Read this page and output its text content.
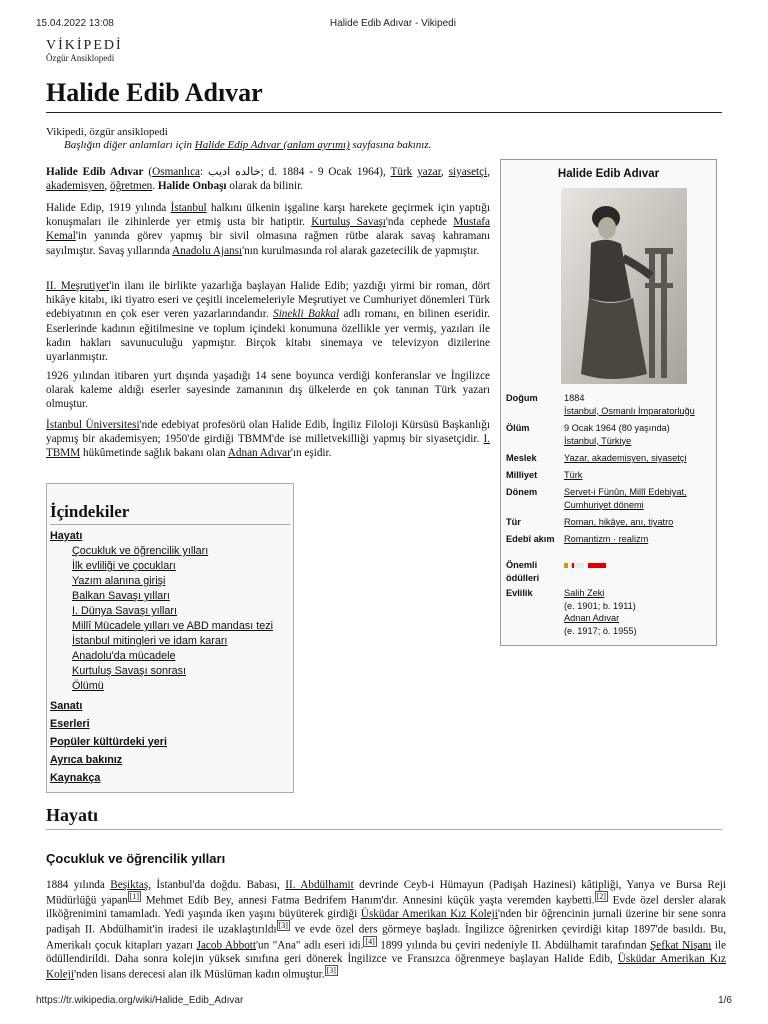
15.04.2022 13:08	Halide Edib Adıvar - Vikipedi
VİKİPEDİ
Özgür Ansiklopedi
Halide Edib Adıvar
Vikipedi, özgür ansiklopedi
Başlığın diğer anlamları için Halide Edip Adıvar (anlam ayrımı) sayfasına bakınız.
Halide Edib Adıvar (Osmanlıca: خالده اديب; d. 1884 - 9 Ocak 1964), Türk yazar, siyasetçi, akademisyen, öğretmen. Halide Onbaşı olarak da bilinir.
Halide Edip, 1919 yılında İstanbul halkını ülkenin işgaline karşı harekete geçirmek için yaptığı konuşmaları ile zihinlerde yer etmiş usta bir hatiptir. Kurtuluş Savaşı'nda cephede Mustafa Kemal'in yanında görev yapmış bir sivil olmasına rağmen rütbe alarak savaş kahramanı sayılmıştır. Savaş yıllarında Anadolu Ajansı'nın kurulmasında rol alarak gazetecilik de yapmıştır.
II. Meşrutiyet'in ilanı ile birlikte yazarlığa başlayan Halide Edib; yazdığı yirmi bir roman, dört hikâye kitabı, iki tiyatro eseri ve çeşitli incelemeleriyle Meşrutiyet ve Cumhuriyet dönemleri Türk edebiyatının en çok eser veren yazarlarındandır. Sinekli Bakkal adlı romanı, en bilinen eseridir. Eserlerinde kadının eğitilmesine ve toplum içindeki konumuna özellikle yer vermiş, yazıları ile kadın hakları savunuculuğu yapmıştır. Birçok kitabı sinemaya ve televizyon dizilerine uyarlanmıştır.
1926 yılından itibaren yurt dışında yaşadığı 14 sene boyunca verdiği konferanslar ve İngilizce olarak kaleme aldığı eserler sayesinde zamanının dış ülkelerde en çok tanınan Türk yazarı olmuştur.
İstanbul Üniversitesi'nde edebiyat profesörü olan Halide Edib, İngiliz Filoloji Kürsüsü Başkanlığı yapmış bir akademisyen; 1950'de girdiği TBMM'de ise milletvekilliği yapmış bir siyasetçidir. I. TBMM hükûmetinde sağlık bakanı olan Adnan Adıvar'ın eşidir.
Halide Edib Adıvar
Doğum	1884
İstanbul, Osmanlı İmparatorluğu
Ölüm	9 Ocak 1964 (80 yaşında)
İstanbul, Türkiye
Meslek	Yazar, akademisyen, siyasetçi
Milliyet	Türk
Dönem	Servet-i Fünûn, Millî Edebiyat,
Cumhuriyet dönemi
Tür	Roman, hikâye, anı, tiyatro
Edebî akım	Romantizm · realizm
Önemli ödülleri
Evlilik	Salih Zeki
(e. 1901; b. 1911)
Adnan Adıvar
(e. 1917; ö. 1955)
İçindekiler
Hayatı
Çocukluk ve öğrencilik yılları
İlk evliliği ve çocukları
Yazım alanına girişi
Balkan Savaşı yılları
I. Dünya Savaşı yılları
Millî Mücadele yılları ve ABD mandası tezi
İstanbul mitingleri ve idam kararı
Anadolu'da mücadele
Kurtuluş Savaşı sonrası
Ölümü
Sanatı
Eserleri
Popüler kültürdeki yeri
Ayrıca bakınız
Kaynakça
Hayatı
Çocukluk ve öğrencilik yılları
1884 yılında Beşiktaş, İstanbul'da doğdu. Babası, II. Abdülhamit devrinde Ceyb-i Hümayun (Padişah Hazinesi) kâtipliği, Yanya ve Bursa Reji Müdürlüğü yapan [1] Mehmet Edib Bey, annesi Fatma Bedrifem Hanım'dır. Annesini küçük yaşta veremden kaybetti. [2] Evde özel dersler alarak ilköğrenimini tamamladı. Yedi yaşında iken yaşını büyüterek girdiği Üsküdar Amerikan Kız Koleji'nden bir öğrencinin jurnali üzerine bir sene sonra padişah II. Abdülhamit'in iradesi ile uzaklaştırıldı [3] ve evde özel ders görmeye başladı. İngilizce öğrenirken çevirdiği kitap 1897'de basıldı. Bu, Amerikalı çocuk kitapları yazarı Jacob Abbott'un "Ana" adlı eseri idi. [4] 1899 yılında bu çeviri nedeniyle II. Abdülhamit tarafından Şefkat Nişanı ile ödüllendirildi. Daha sonra kolejin yüksek sınıfına geri dönerek İngilizce ve Fransızca öğrenmeye başlayan Halide Edib, Üsküdar Amerikan Kız Koleji'nden lisans derecesi alan ilk Müslüman kadın olmuştur. [3]
https://tr.wikipedia.org/wiki/Halide_Edib_Adıvar	1/6
